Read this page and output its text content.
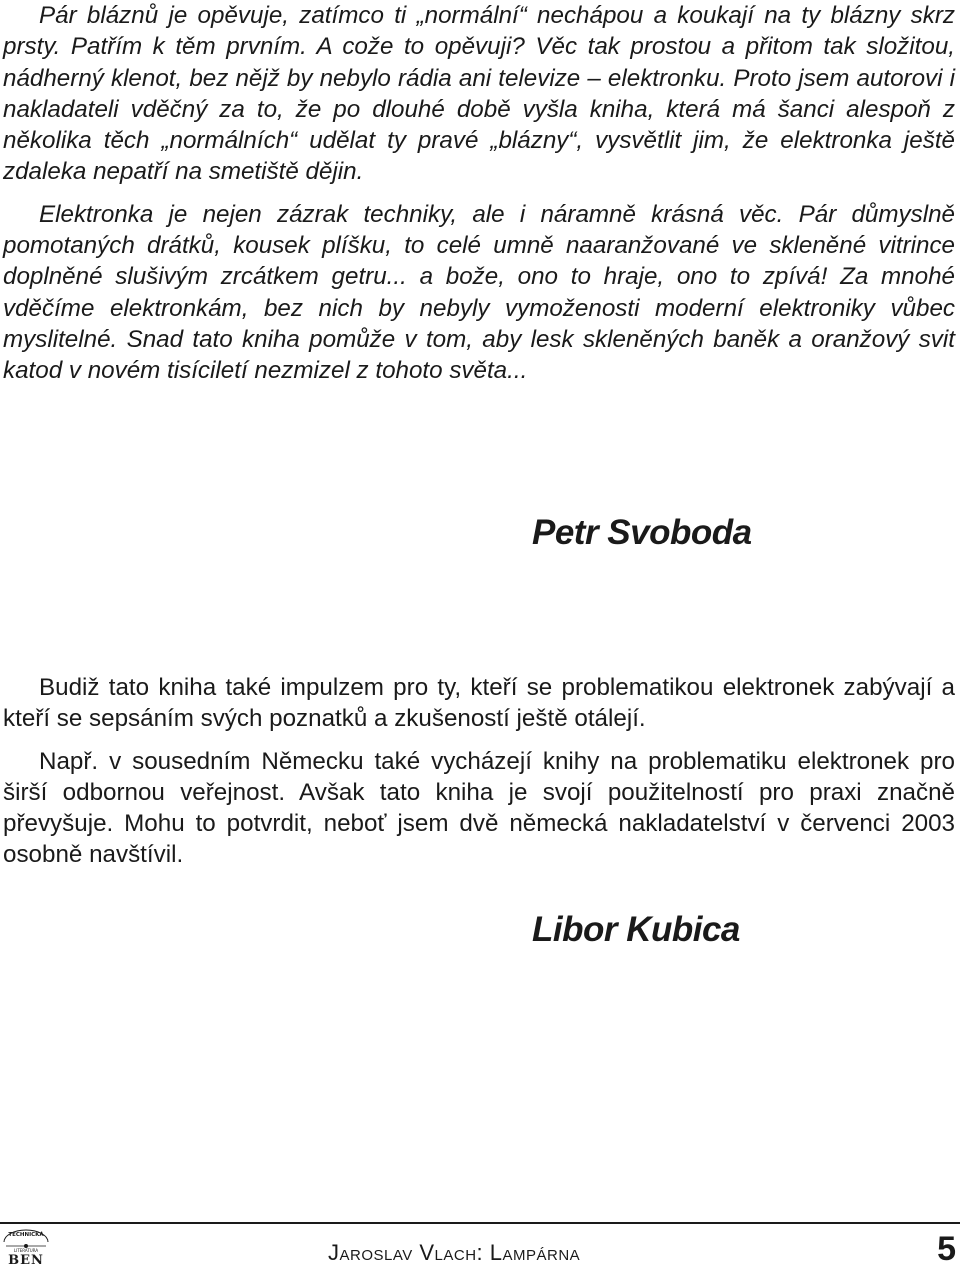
Pár bláznů je opěvuje, zatímco ti „normální“ nechápou a koukají na ty blázny skrz prsty. Patřím k těm prvním. A cože to opěvuji? Věc tak prostou a přitom tak složitou, nádherný klenot, bez nějž by nebylo rádia ani televize – elektronku. Proto jsem autorovi i nakladateli vděčný za to, že po dlouhé době vyšla kniha, která má šanci alespoň z několika těch „normálních“ udělat ty pravé „blázny“, vysvětlit jim, že elektronka ještě zdaleka nepatří na smetiště dějin.

Elektronka je nejen zázrak techniky, ale i náramně krásná věc. Pár důmyslně pomotaných drátků, kousek plíšku, to celé umně naaranžované ve skleněné vitrince doplněné slušivým zrcátkem getru... a bože, ono to hraje, ono to zpívá! Za mnohé vděčíme elektronkám, bez nich by nebyly vymoženosti moderní elektroniky vůbec myslitelné. Snad tato kniha pomůže v tom, aby lesk skleněných baněk a oranžový svit katod v novém tisíciletí nezmizel z tohoto světa...

Petr Svoboda

Budiž tato kniha také impulzem pro ty, kteří se problematikou elektronek zabývají a kteří se sepsáním svých poznatků a zkušeností ještě otálejí.

Např. v sousedním Německu také vycházejí knihy na problematiku elektronek pro širší odbornou veřejnost. Avšak tato kniha je svojí použitelností pro praxi značně převyšuje. Mohu to potvrdit, neboť jsem dvě německá nakladatelství v červenci 2003 osobně navštívil.

Libor Kubica
TECHNICKÁ
LITERATURA
BEN	Jaroslav Vlach: Lampárna	5
